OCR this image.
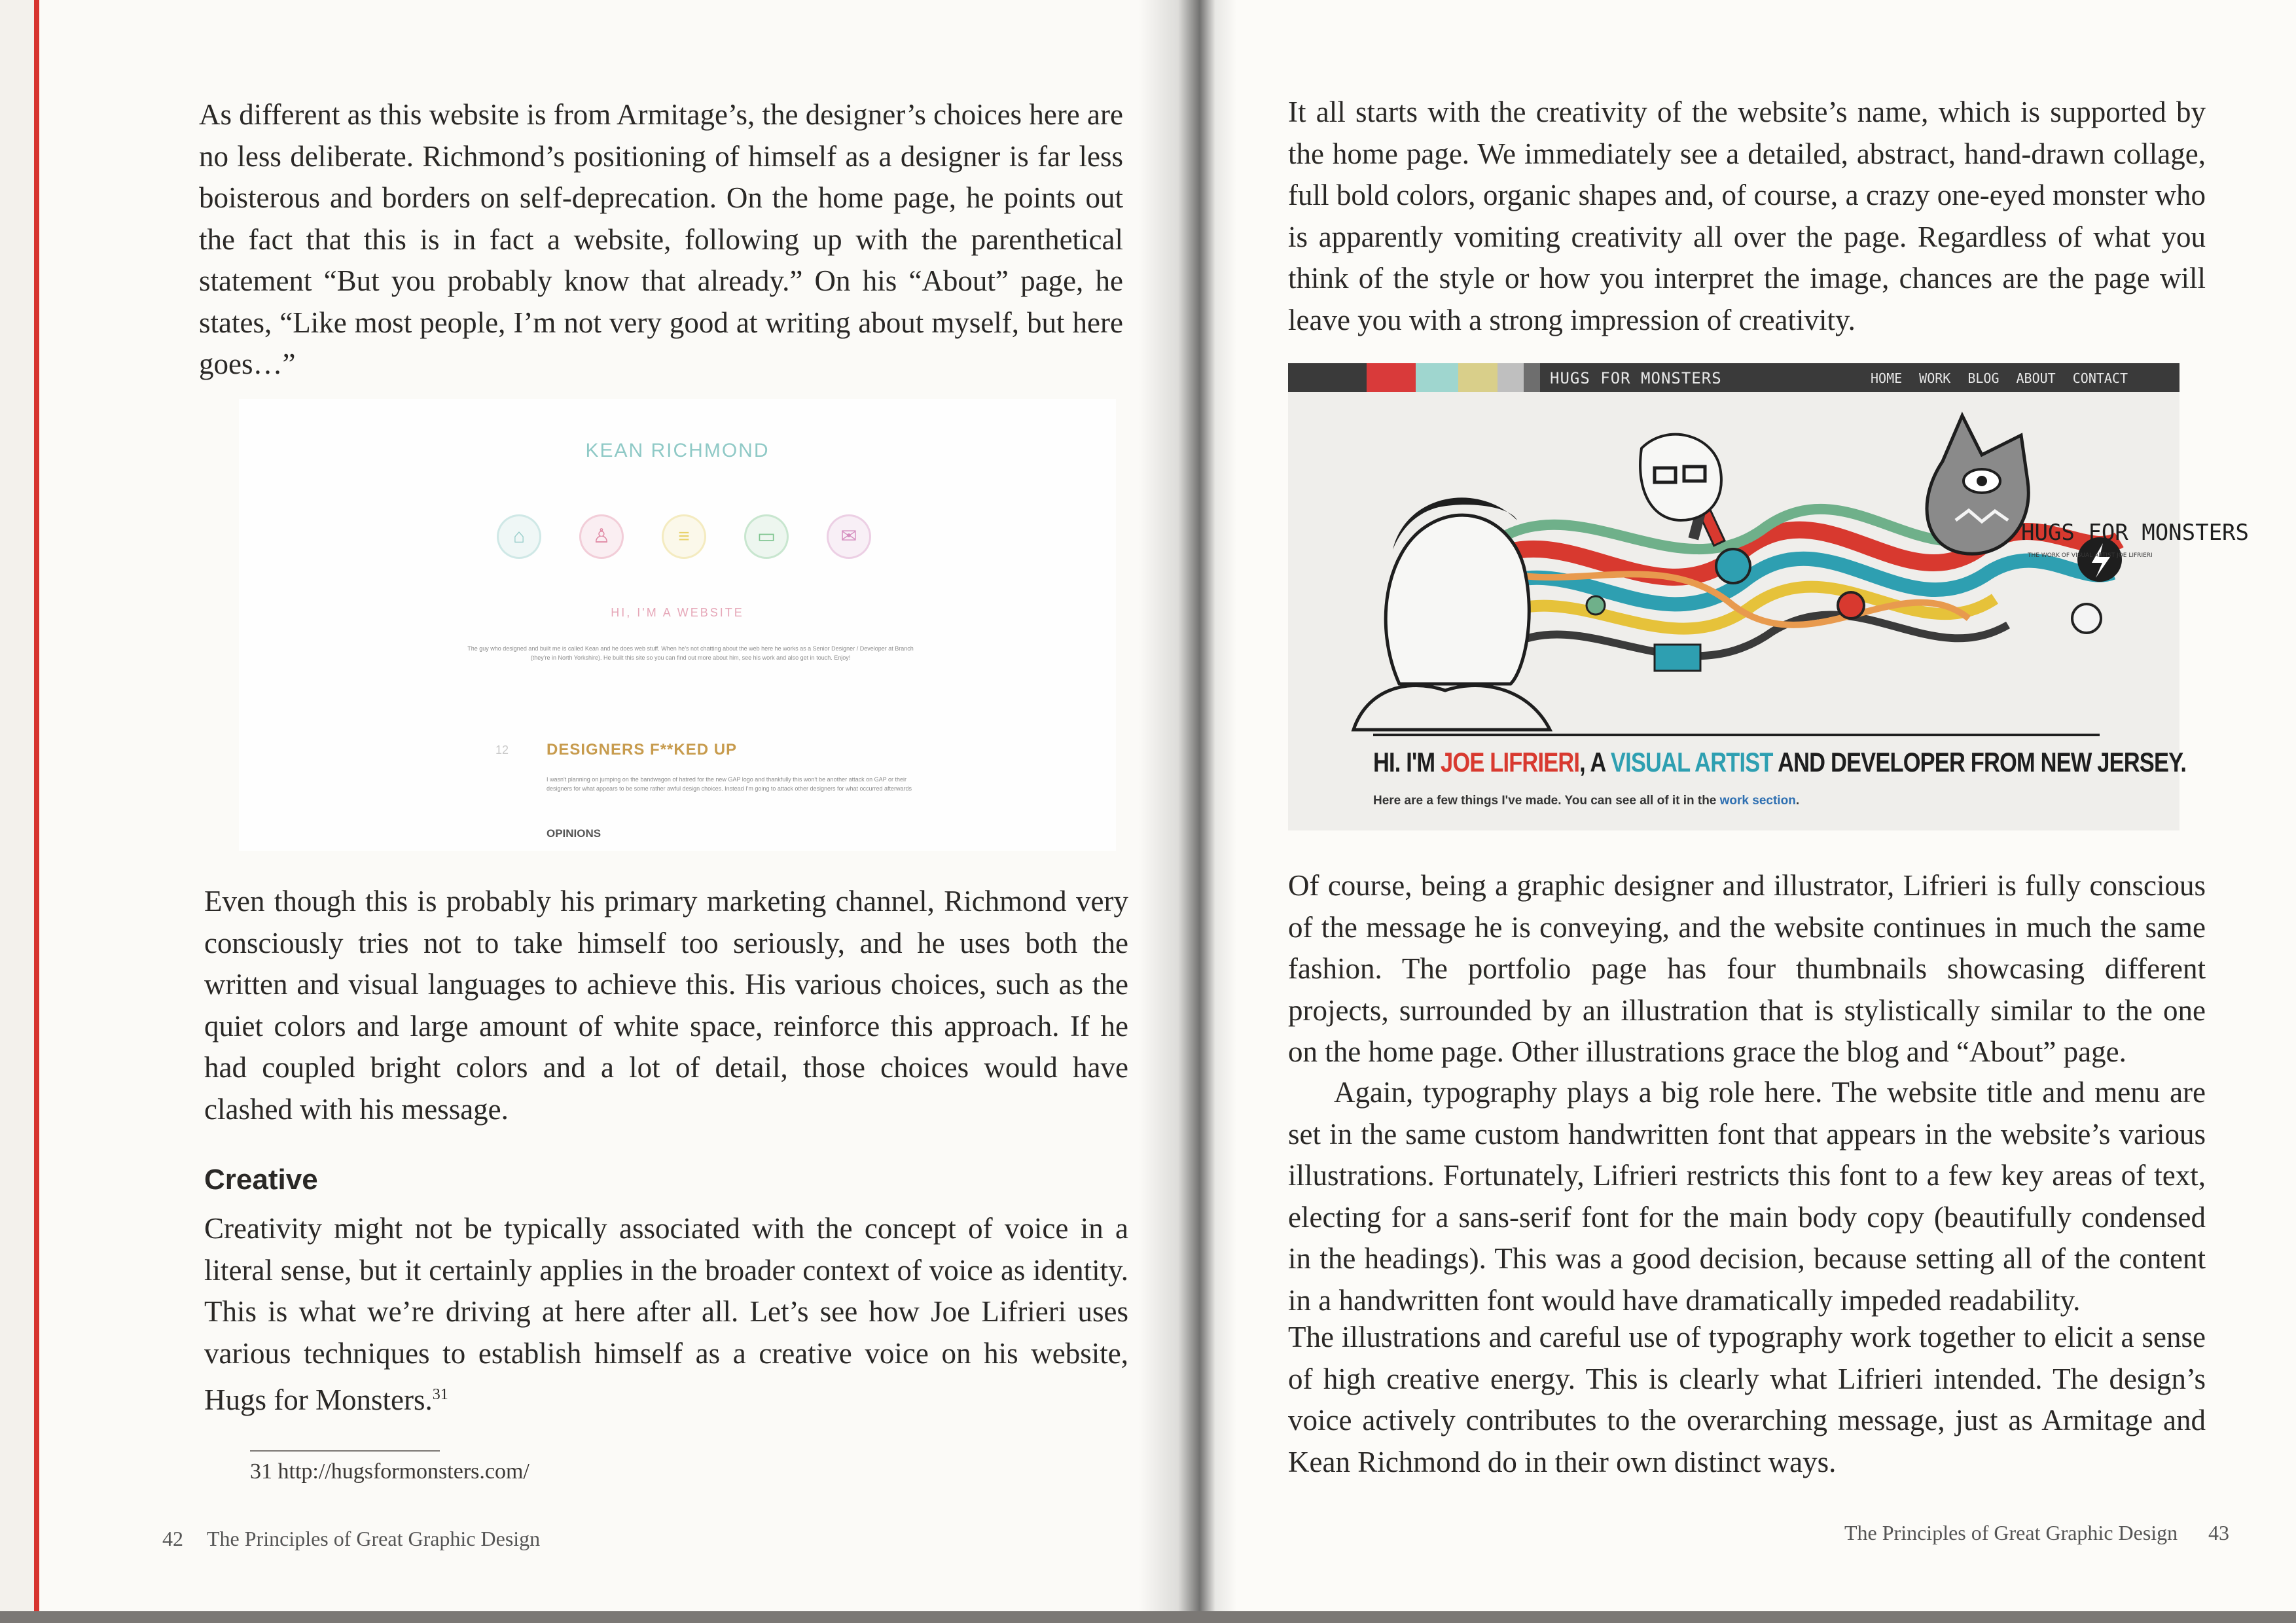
As different as this website is from Armitage’s, the designer’s choices here are no less deliberate. Richmond’s positioning of himself as a designer is far less boisterous and borders on self-deprecation. On the home page, he points out the fact that this is in fact a website, following up with the parenthetical statement “But you probably know that already.” On his “About” page, he states, “Like most people, I’m not very good at writing about myself, but here goes…”

KEAN RICHMOND
⌂	♙	≡	▭	✉
HI, I'M A WEBSITE
The guy who designed and built me is called Kean and he does web stuff. When he's not chatting about the web here he works as a Senior Designer / Developer at Branch (they're in North Yorkshire). He built this site so you can find out more about him, see his work and also get in touch. Enjoy!
12 DESIGNERS F**KED UP
I wasn't planning on jumping on the bandwagon of hatred for the new GAP logo and thankfully this won't be another attack on GAP or their designers for what appears to be some rather awful design choices. Instead I'm going to attack other designers for what occurred afterwards
OPINIONS

Even though this is probably his primary marketing channel, Richmond very consciously tries not to take himself too seriously, and he uses both the written and visual languages to achieve this. His various choices, such as the quiet colors and large amount of white space, reinforce this approach. If he had coupled bright colors and a lot of detail, those choices would have clashed with his message.

Creative

Creativity might not be typically associated with the concept of voice in a literal sense, but it certainly applies in the broader context of voice as identity. This is what we’re driving at here after all. Let’s see how Joe Lifrieri uses various techniques to establish himself as a creative voice on his website, Hugs for Monsters.$^{31}$

31 http://hugsformonsters.com/
42 The Principles of Great Graphic Design

It all starts with the creativity of the website’s name, which is supported by the home page. We immediately see a detailed, abstract, hand-drawn collage, full bold colors, organic shapes and, of course, a crazy one-eyed monster who is apparently vomiting creativity all over the page. Regardless of what you think of the style or how you interpret the image, chances are the page will leave you with a strong impression of creativity.

Of course, being a graphic designer and illustrator, Lifrieri is fully conscious of the message he is conveying, and the website continues in much the same fashion. The portfolio page has four thumbnails showcasing different projects, surrounded by an illustration that is stylistically similar to the one on the home page. Other illustrations grace the blog and “About” page.

Again, typography plays a big role here. The website title and menu are set in the same custom handwritten font that appears in the website’s various illustrations. Fortunately, Lifrieri restricts this font to a few key areas of text, electing for a sans-serif font for the main body copy (beautifully condensed in the headings). This was a good decision, because setting all of the content in a handwritten font would have dramatically impeded readability.

The illustrations and careful use of typography work together to elicit a sense of high creative energy. This is clearly what Lifrieri intended. The design’s voice actively contributes to the overarching message, just as Armitage and Kean Richmond do in their own distinct ways.

The Principles of Great Graphic Design 43
HUGS FOR MONSTERS	HOME WORK BLOG ABOUT CONTACT
HUGS FOR MONSTERS
THE WORK OF VISUAL ARTIST JOE LIFRIERI
HI. I'M JOE LIFRIERI, A VISUAL ARTIST AND DEVELOPER FROM NEW JERSEY.
Here are a few things I've made. You can see all of it in the work section.
